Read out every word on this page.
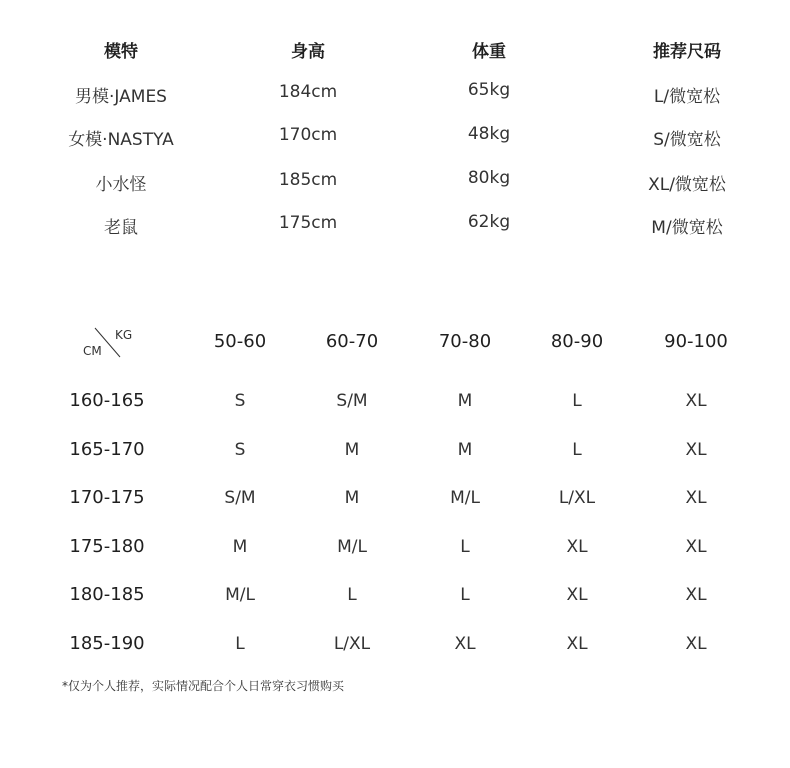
模特	身高	体重	推荐尺码
男模·JAMES	184cm	65kg	L/微宽松
女模·NASTYA	170cm	48kg	S/微宽松
小水怪	185cm	80kg	XL/微宽松
老鼠	175cm	62kg	M/微宽松
CM
KG	50-60	60-70	70-80	80-90	90-100
160-165	S	S/M	M	L	XL
165-170	S	M	M	L	XL
170-175	S/M	M	M/L	L/XL	XL
175-180	M	M/L	L	XL	XL
180-185	M/L	L	L	XL	XL
185-190	L	L/XL	XL	XL	XL
*仅为个人推荐，实际情况配合个人日常穿衣习惯购买
